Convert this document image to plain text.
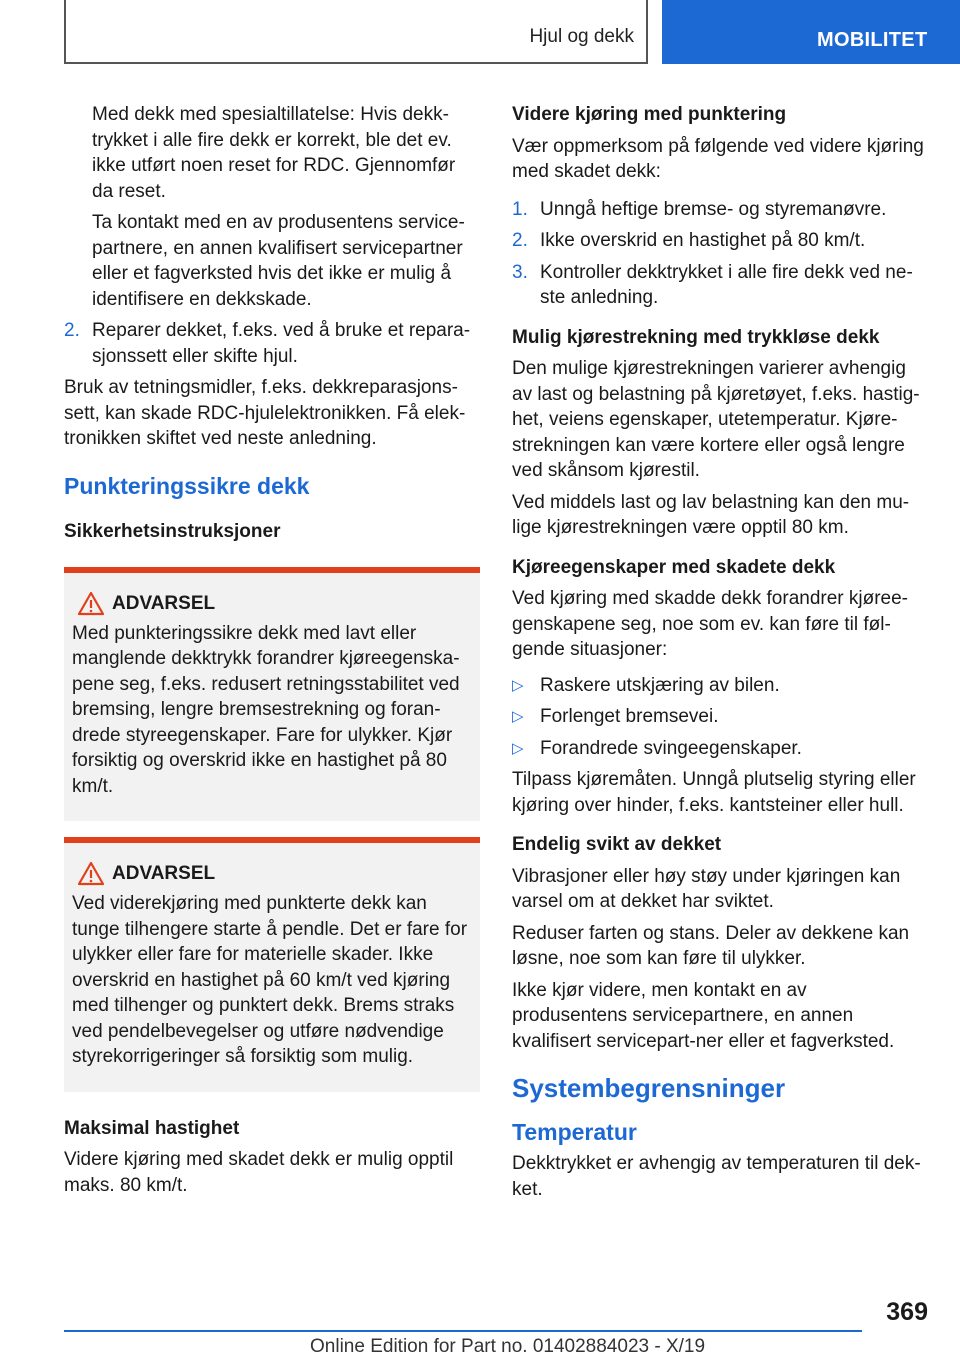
Hjul og dekk	MOBILITET

Med dekk med spesialtillatelse: Hvis dekk-trykket i alle fire dekk er korrekt, ble det ev. ikke utført noen reset for RDC. Gjennomfør da reset.

Ta kontakt med en av produsentens service-partnere, en annen kvalifisert servicepartner eller et fagverksted hvis det ikke er mulig å identifisere en dekkskade.

2. Reparer dekket, f.eks. ved å bruke et repara-sjonssett eller skifte hjul.

Bruk av tetningsmidler, f.eks. dekkreparasjons-sett, kan skade RDC-hjulelektronikken. Få elek-tronikken skiftet ved neste anledning.

Punkteringssikre dekk
Sikkerhetsinstruksjoner
ADVARSEL
Med punkteringssikre dekk med lavt eller manglende dekktrykk forandrer kjøreegenska-pene seg, f.eks. redusert retningsstabilitet ved bremsing, lengre bremsestrekning og foran-drede styreegenskaper. Fare for ulykker. Kjør forsiktig og overskrid ikke en hastighet på 80 km/t.
ADVARSEL
Ved viderekjøring med punkterte dekk kan tunge tilhengere starte å pendle. Det er fare for ulykker eller fare for materielle skader. Ikke overskrid en hastighet på 60 km/t ved kjøring med tilhenger og punktert dekk. Brems straks ved pendelbevegelser og utføre nødvendige styrekorrigeringer så forsiktig som mulig.
Maksimal hastighet

Videre kjøring med skadet dekk er mulig opptil maks. 80 km/t.

Videre kjøring med punktering

Vær oppmerksom på følgende ved videre kjøring med skadet dekk:

1. Unngå heftige bremse- og styremanøvre.
2. Ikke overskrid en hastighet på 80 km/t.
3. Kontroller dekktrykket i alle fire dekk ved ne-ste anledning.
Mulig kjørestrekning med trykkløse dekk

Den mulige kjørestrekningen varierer avhengig av last og belastning på kjøretøyet, f.eks. hastig-het, veiens egenskaper, utetemperatur. Kjøre-strekningen kan være kortere eller også lengre ved skånsom kjørestil.

Ved middels last og lav belastning kan den mu-lige kjørestrekningen være opptil 80 km.

Kjøreegenskaper med skadete dekk

Ved kjøring med skadde dekk forandrer kjøree-genskapene seg, noe som ev. kan føre til føl-gende situasjoner:

▷ Raskere utskjæring av bilen.
▷ Forlenget bremsevei.
▷ Forandrede svingeegenskaper.

Tilpass kjøremåten. Unngå plutselig styring eller kjøring over hinder, f.eks. kantsteiner eller hull.

Endelig svikt av dekket

Vibrasjoner eller høy støy under kjøringen kan varsel om at dekket har sviktet.

Reduser farten og stans. Deler av dekkene kan løsne, noe som kan føre til ulykker.

Ikke kjør videre, men kontakt en av produsentens servicepartnere, en annen kvalifisert servicepart-ner eller et fagverksted.

Systembegrensninger
Temperatur

Dekktrykket er avhengig av temperaturen til dek-ket.

369
Online Edition for Part no. 01402884023 - X/19
